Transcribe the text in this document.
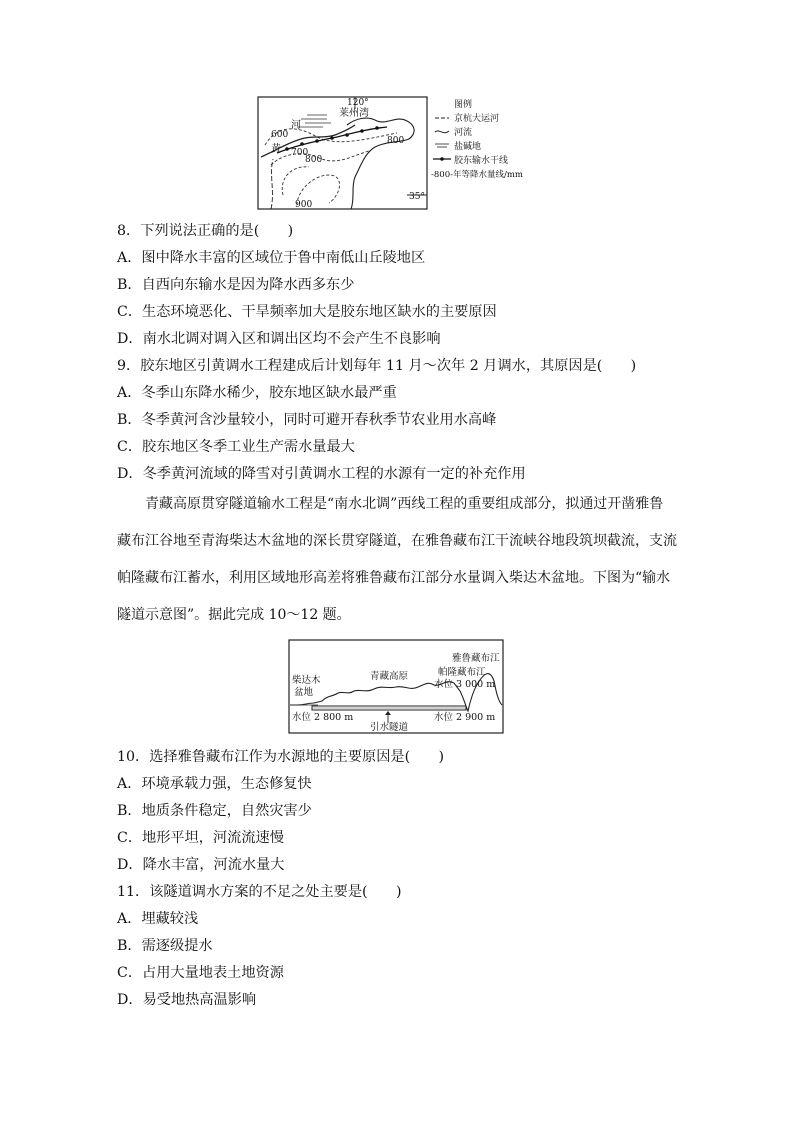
120°
莱州湾
河
600
黄 700
800
800
900
35°
图例
京杭大运河
河流
盐碱地
胶东输水干线
-800-年等降水量线/mm
8．下列说法正确的是(　　)
A．图中降水丰富的区域位于鲁中南低山丘陵地区
B．自西向东输水是因为降水西多东少
C．生态环境恶化、干旱频率加大是胶东地区缺水的主要原因
D．南水北调对调入区和调出区均不会产生不良影响
9．胶东地区引黄调水工程建成后计划每年 11 月～次年 2 月调水，其原因是(　　)
A．冬季山东降水稀少，胶东地区缺水最严重
B．冬季黄河含沙量较小，同时可避开春秋季节农业用水高峰
C．胶东地区冬季工业生产需水量最大
D．冬季黄河流域的降雪对引黄调水工程的水源有一定的补充作用
　　青藏高原贯穿隧道输水工程是“南水北调”西线工程的重要组成部分，拟通过开凿雅鲁
藏布江谷地至青海柴达木盆地的深长贯穿隧道，在雅鲁藏布江干流峡谷地段筑坝截流，支流
帕隆藏布江蓄水，利用区域地形高差将雅鲁藏布江部分水量调入柴达木盆地。下图为“输水
隧道示意图”。据此完成 10～12 题。
柴达木
盆地
青藏高原
雅鲁藏布江
帕隆藏布江
水位 3 000 m
水位 2 800 m
引水隧道
水位 2 900 m
10．选择雅鲁藏布江作为水源地的主要原因是(　　)
A．环境承载力强，生态修复快
B．地质条件稳定，自然灾害少
C．地形平坦，河流流速慢
D．降水丰富，河流水量大
11．该隧道调水方案的不足之处主要是(　　)
A．埋藏较浅
B．需逐级提水
C．占用大量地表土地资源
D．易受地热高温影响
